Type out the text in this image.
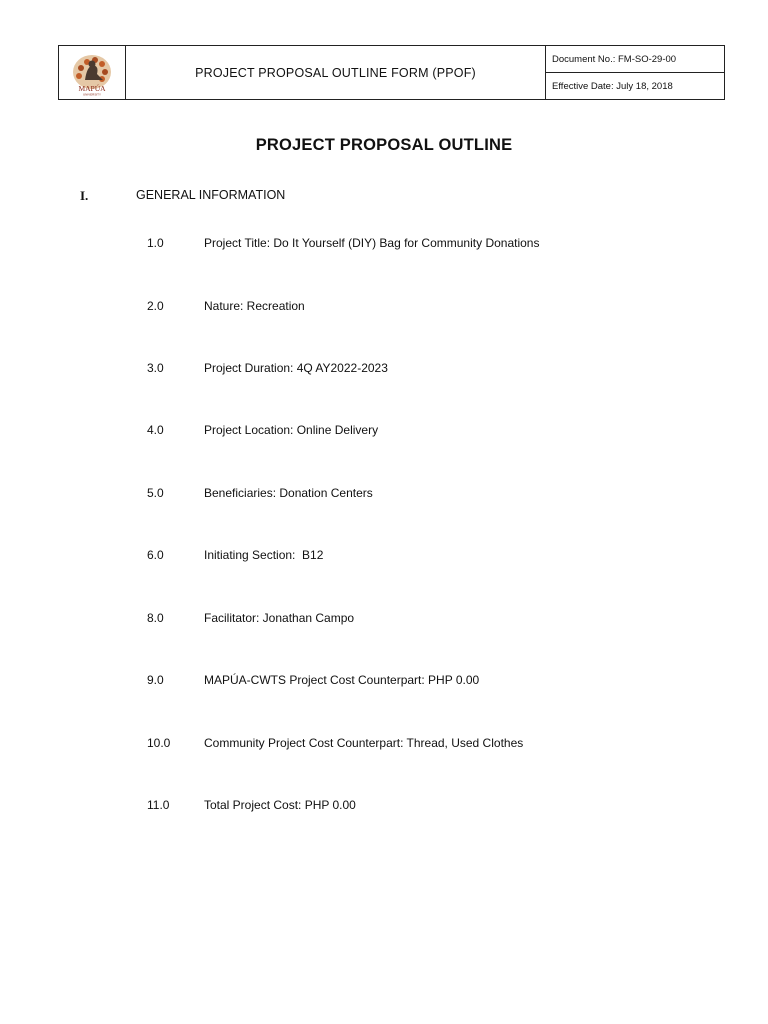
MAPÚA
UNIVERSITY
	PROJECT PROPOSAL OUTLINE FORM (PPOF)	Document No.: FM-SO-29-00
Effective Date: July 18, 2018
PROJECT PROPOSAL OUTLINE
I.	GENERAL INFORMATION
1.0	Project Title: Do It Yourself (DIY) Bag for Community Donations
2.0	Nature: Recreation
3.0	Project Duration: 4Q AY2022-2023
4.0	Project Location: Online Delivery
5.0	Beneficiaries: Donation Centers
6.0	Initiating Section:  B12
8.0	Facilitator: Jonathan Campo
9.0	MAPÚA-CWTS Project Cost Counterpart: PHP 0.00
10.0	Community Project Cost Counterpart: Thread, Used Clothes
11.0	Total Project Cost: PHP 0.00
